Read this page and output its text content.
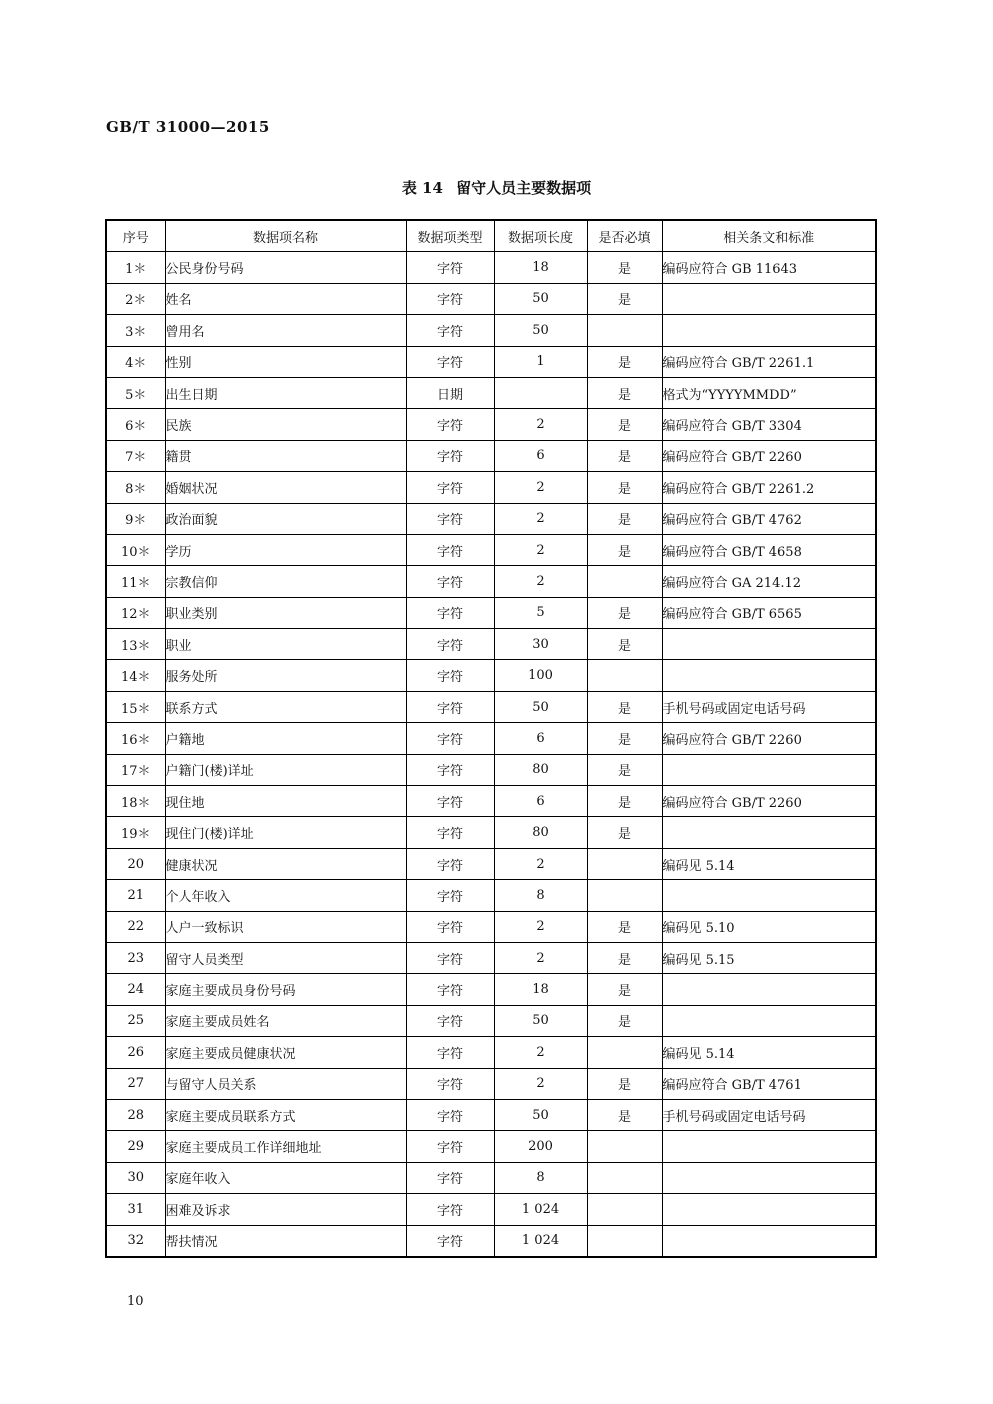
GB/T 31000—2015
表 14 留守人员主要数据项
序号	数据项名称	数据项类型	数据项长度	是否必填	相关条文和标准
1＊	公民身份号码	字符	18	是	编码应符合 GB 11643
2＊	姓名	字符	50	是	
3＊	曾用名	字符	50		
4＊	性别	字符	1	是	编码应符合 GB/T 2261.1
5＊	出生日期	日期		是	格式为“YYYYMMDD”
6＊	民族	字符	2	是	编码应符合 GB/T 3304
7＊	籍贯	字符	6	是	编码应符合 GB/T 2260
8＊	婚姻状况	字符	2	是	编码应符合 GB/T 2261.2
9＊	政治面貌	字符	2	是	编码应符合 GB/T 4762
10＊	学历	字符	2	是	编码应符合 GB/T 4658
11＊	宗教信仰	字符	2		编码应符合 GA 214.12
12＊	职业类别	字符	5	是	编码应符合 GB/T 6565
13＊	职业	字符	30	是	
14＊	服务处所	字符	100		
15＊	联系方式	字符	50	是	手机号码或固定电话号码
16＊	户籍地	字符	6	是	编码应符合 GB/T 2260
17＊	户籍门(楼)详址	字符	80	是	
18＊	现住地	字符	6	是	编码应符合 GB/T 2260
19＊	现住门(楼)详址	字符	80	是	
20	健康状况	字符	2		编码见 5.14
21	个人年收入	字符	8		
22	人户一致标识	字符	2	是	编码见 5.10
23	留守人员类型	字符	2	是	编码见 5.15
24	家庭主要成员身份号码	字符	18	是	
25	家庭主要成员姓名	字符	50	是	
26	家庭主要成员健康状况	字符	2		编码见 5.14
27	与留守人员关系	字符	2	是	编码应符合 GB/T 4761
28	家庭主要成员联系方式	字符	50	是	手机号码或固定电话号码
29	家庭主要成员工作详细地址	字符	200		
30	家庭年收入	字符	8		
31	困难及诉求	字符	1 024		
32	帮扶情况	字符	1 024		
10
